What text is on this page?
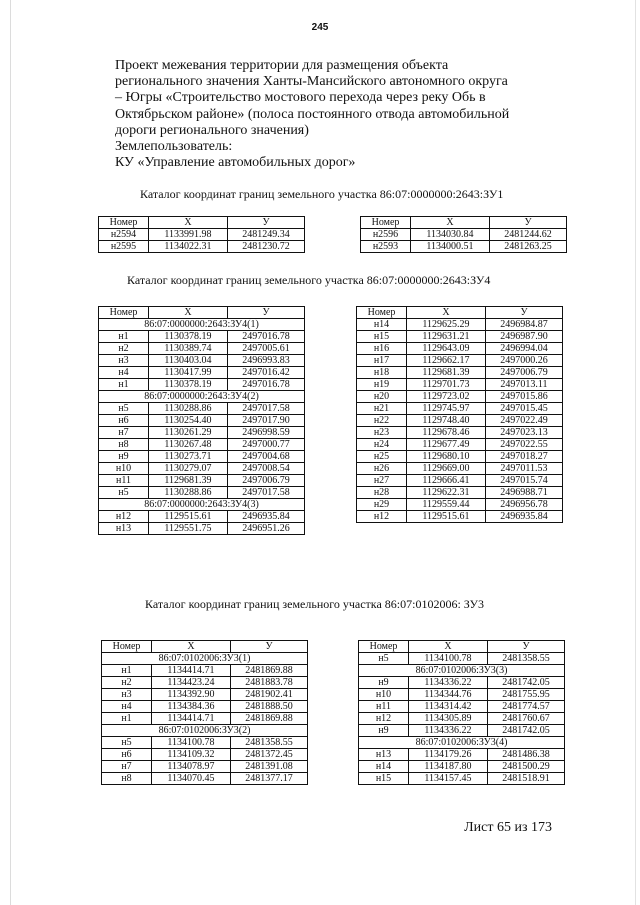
245
Проект межевания территории для размещения объекта
регионального значения Ханты-Мансийского автономного округа
– Югры «Строительство мостового перехода через реку Обь в
Октябрьском районе» (полоса постоянного отвода автомобильной
дороги регионального значения)
Землепользователь:
КУ «Управление автомобильных дорог»
Каталог координат границ земельного участка 86:07:0000000:2643:ЗУ1
Номер	X	У
н2594	1133991.98	2481249.34
н2595	1134022.31	2481230.72
Номер	X	У
н2596	1134030.84	2481244.62
н2593	1134000.51	2481263.25
Каталог координат границ земельного участка 86:07:0000000:2643:ЗУ4
Номер	X	У
86:07:0000000:2643:ЗУ4(1)		
н1	1130378.19	2497016.78
н2	1130389.74	2497005.61
н3	1130403.04	2496993.83
н4	1130417.99	2497016.42
н1	1130378.19	2497016.78
86:07:0000000:2643:ЗУ4(2)		
н5	1130288.86	2497017.58
н6	1130254.40	2497017.90
н7	1130261.29	2496998.59
н8	1130267.48	2497000.77
н9	1130273.71	2497004.68
н10	1130279.07	2497008.54
н11	1129681.39	2497006.79
н5	1130288.86	2497017.58
86:07:0000000:2643:ЗУ4(3)		
н12	1129515.61	2496935.84
н13	1129551.75	2496951.26
Номер	X	У
н14	1129625.29	2496984.87
н15	1129631.21	2496987.90
н16	1129643.09	2496994.04
н17	1129662.17	2497000.26
н18	1129681.39	2497006.79
н19	1129701.73	2497013.11
н20	1129723.02	2497015.86
н21	1129745.97	2497015.45
н22	1129748.40	2497022.49
н23	1129678.46	2497023.13
н24	1129677.49	2497022.55
н25	1129680.10	2497018.27
н26	1129669.00	2497011.53
н27	1129666.41	2497015.74
н28	1129622.31	2496988.71
н29	1129559.44	2496956.78
н12	1129515.61	2496935.84
Каталог координат границ земельного участка 86:07:0102006: ЗУ3
Номер	X	У
86:07:0102006:ЗУ3(1)		
н1	1134414.71	2481869.88
н2	1134423.24	2481883.78
н3	1134392.90	2481902.41
н4	1134384.36	2481888.50
н1	1134414.71	2481869.88
86:07:0102006:ЗУ3(2)		
н5	1134100.78	2481358.55
н6	1134109.32	2481372.45
н7	1134078.97	2481391.08
н8	1134070.45	2481377.17
Номер	X	У
н5	1134100.78	2481358.55
86:07:0102006:ЗУ3(3)		
н9	1134336.22	2481742.05
н10	1134344.76	2481755.95
н11	1134314.42	2481774.57
н12	1134305.89	2481760.67
н9	1134336.22	2481742.05
86:07:0102006:ЗУ3(4)		
н13	1134179.26	2481486.38
н14	1134187.80	2481500.29
н15	1134157.45	2481518.91
Лист 65 из 173
